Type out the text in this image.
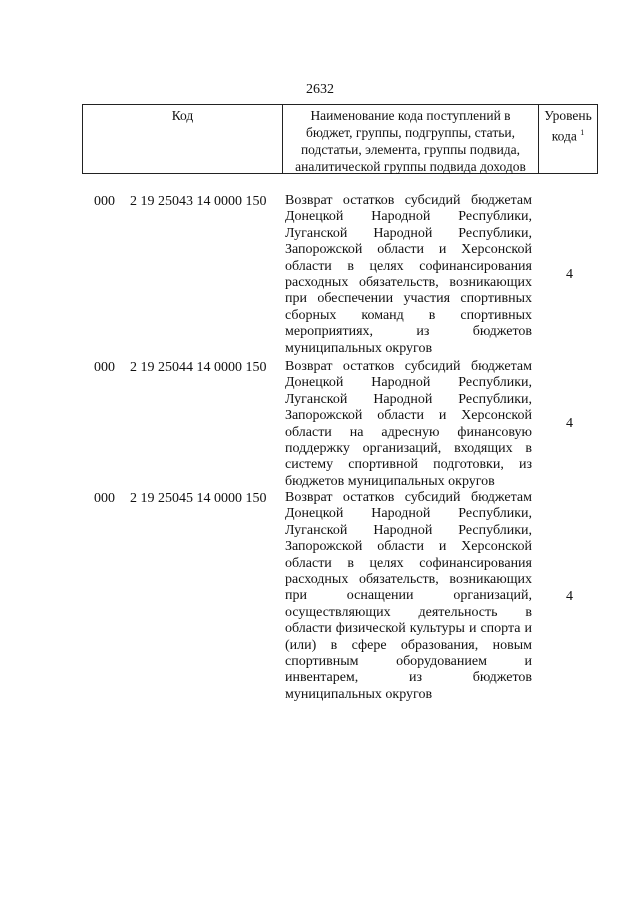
2632
Код	Наименование кода поступлений в
бюджет, группы, подгруппы, статьи,
подстатьи, элемента, группы подвида,
аналитической группы подвида доходов
Уровень
кода $^1$
000 2 19 25043 14 0000 150 Возврат остатков субсидий бюджетам
Донецкой Народной Республики,
Луганской Народной Республики,
Запорожской области и Херсонской
области в целях софинансирования
расходных обязательств, возникающих
при обеспечении участия спортивных
сборных команд в спортивных
мероприятиях, из бюджетов
муниципальных округов
4
000 2 19 25044 14 0000 150 Возврат остатков субсидий бюджетам
Донецкой Народной Республики,
Луганской Народной Республики,
Запорожской области и Херсонской
области на адресную финансовую
поддержку организаций, входящих в
систему спортивной подготовки, из
бюджетов муниципальных округов
4
000 2 19 25045 14 0000 150 Возврат остатков субсидий бюджетам
Донецкой Народной Республики,
Луганской Народной Республики,
Запорожской области и Херсонской
области в целях софинансирования
расходных обязательств, возникающих
при оснащении организаций,
осуществляющих деятельность в
области физической культуры и спорта и
(или) в сфере образования, новым
спортивным оборудованием и
инвентарем, из бюджетов
муниципальных округов
4
